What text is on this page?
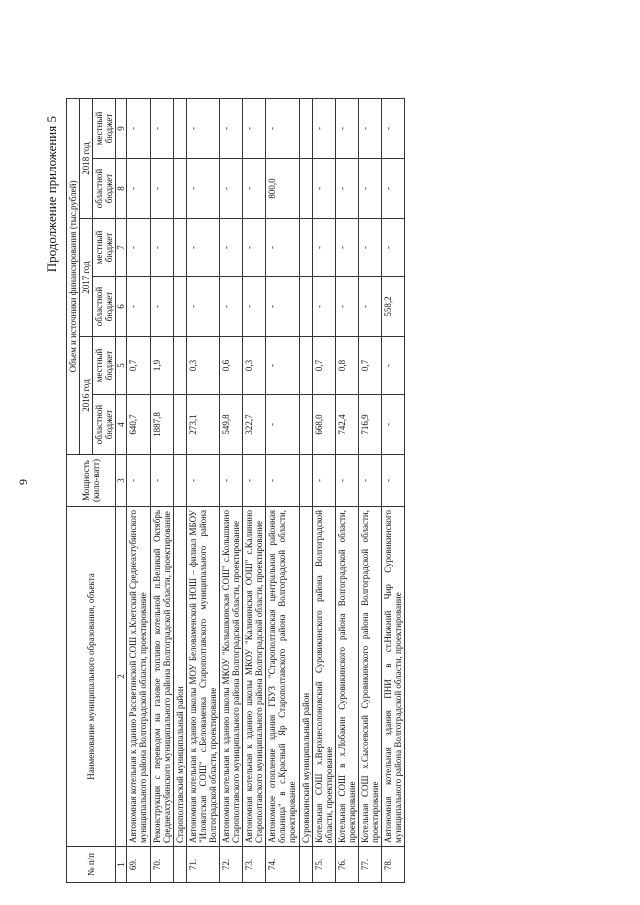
9
Продолжение приложения 5
№ п/п	Наименование муниципального образования, объекта	Мощность (кило-ватт)	Объем и источники финансирования (тыс.рублей)					
			2016 год		2017 год		2018 год	
			областной бюджет	местный бюджет	областной бюджет	местный бюджет	областной бюджет	местный бюджет
1	2	3	4	5	6	7	8	9
69.	Автономная котельная к зданию Рассветинской СОШ х.Клетский Среднеахтубинского муниципального района Волгоградской области, проектирование	-	640,7	0,7	-	-	-	-
70.	Реконструкция с переводом на газовое топливо котельной п.Великий Октябрь Среднеахтубинского муниципального района Волгоградской области, проектирование	-	1887,8	1,9	-	-	-	-
	Старополтавский муниципальный район							
71.	Автономная котельная к зданию школы МОУ Беловаменской НОШ – филиал МБОУ "Иловатская СОШ" с.Беловаменка Старополтавского муниципального района Волгоградской области, проектирование	-	273,1	0,3	-	-	-	-
72.	Автономная котельная к зданию школы МКОУ "Колышкинская СОШ" с.Колышкино Старополтавского муниципального района Волгоградской области, проектирование	-	549,8	0,6	-	-	-	-
73.	Автономная котельная к зданию школы МКОУ "Калининская ООШ" с.Калинино Старополтавского муниципального района Волгоградской области, проектирование	-	322,7	0,3	-	-	-	-
74.	Автономное отопление здания ГБУЗ "Старополтавская центральная районная больница" в с.Красный Яр Старополтавского района Волгоградской области, проектирование	-	-	-	-	-	800,0	-
	Суровикинский муниципальный район							
75.	Котельная СОШ х.Верхнесолоновский Суровикинского района Волгоградской области, проектирование	-	668,0	0,7	-	-	-	-
76.	Котельная СОШ в х.Лобакин Суровикинского района Волгоградской области, проектирование	-	742,4	0,8	-	-	-	-
77.	Котельная СОШ х.Сысоевский Суровикинского района Волгоградской области, проектирование	-	716,9	0,7	-	-	-	-
78.	Автономная котельная здания ПНИ в ст.Нижний Чир Суровикинского муниципального района Волгоградской области, проектирование	-	-	-	558,2	-	-	-
